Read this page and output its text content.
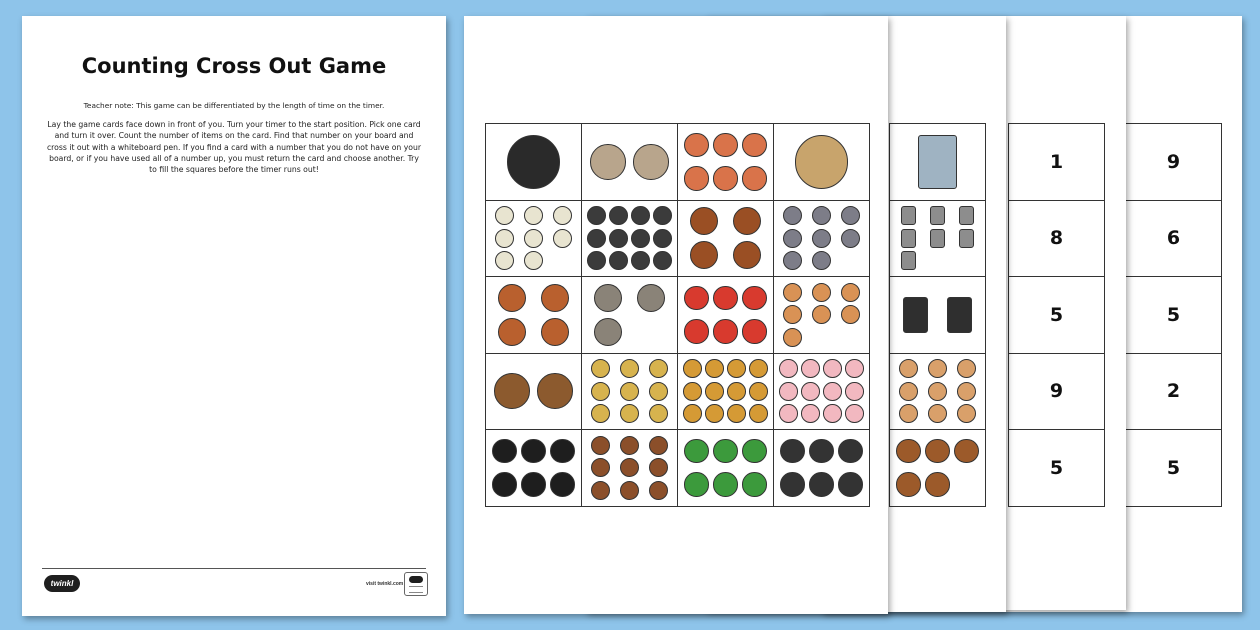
Counting Cross Out Game
Teacher note: This game can be differentiated by the length of time on the timer.
Lay the game cards face down in front of you. Turn your timer to the start position. Pick one card and turn it over. Count the number of items on the card. Find that number on your board and cross it out with a whiteboard pen. If you find a card with a number that you do not have on your board, or if you have used all of a number up, you must return the card and choose another. Try to fill the squares before the timer runs out!
twinkl	visit twinkl.com
9
6
5
2
5
1
8
5
9
5
